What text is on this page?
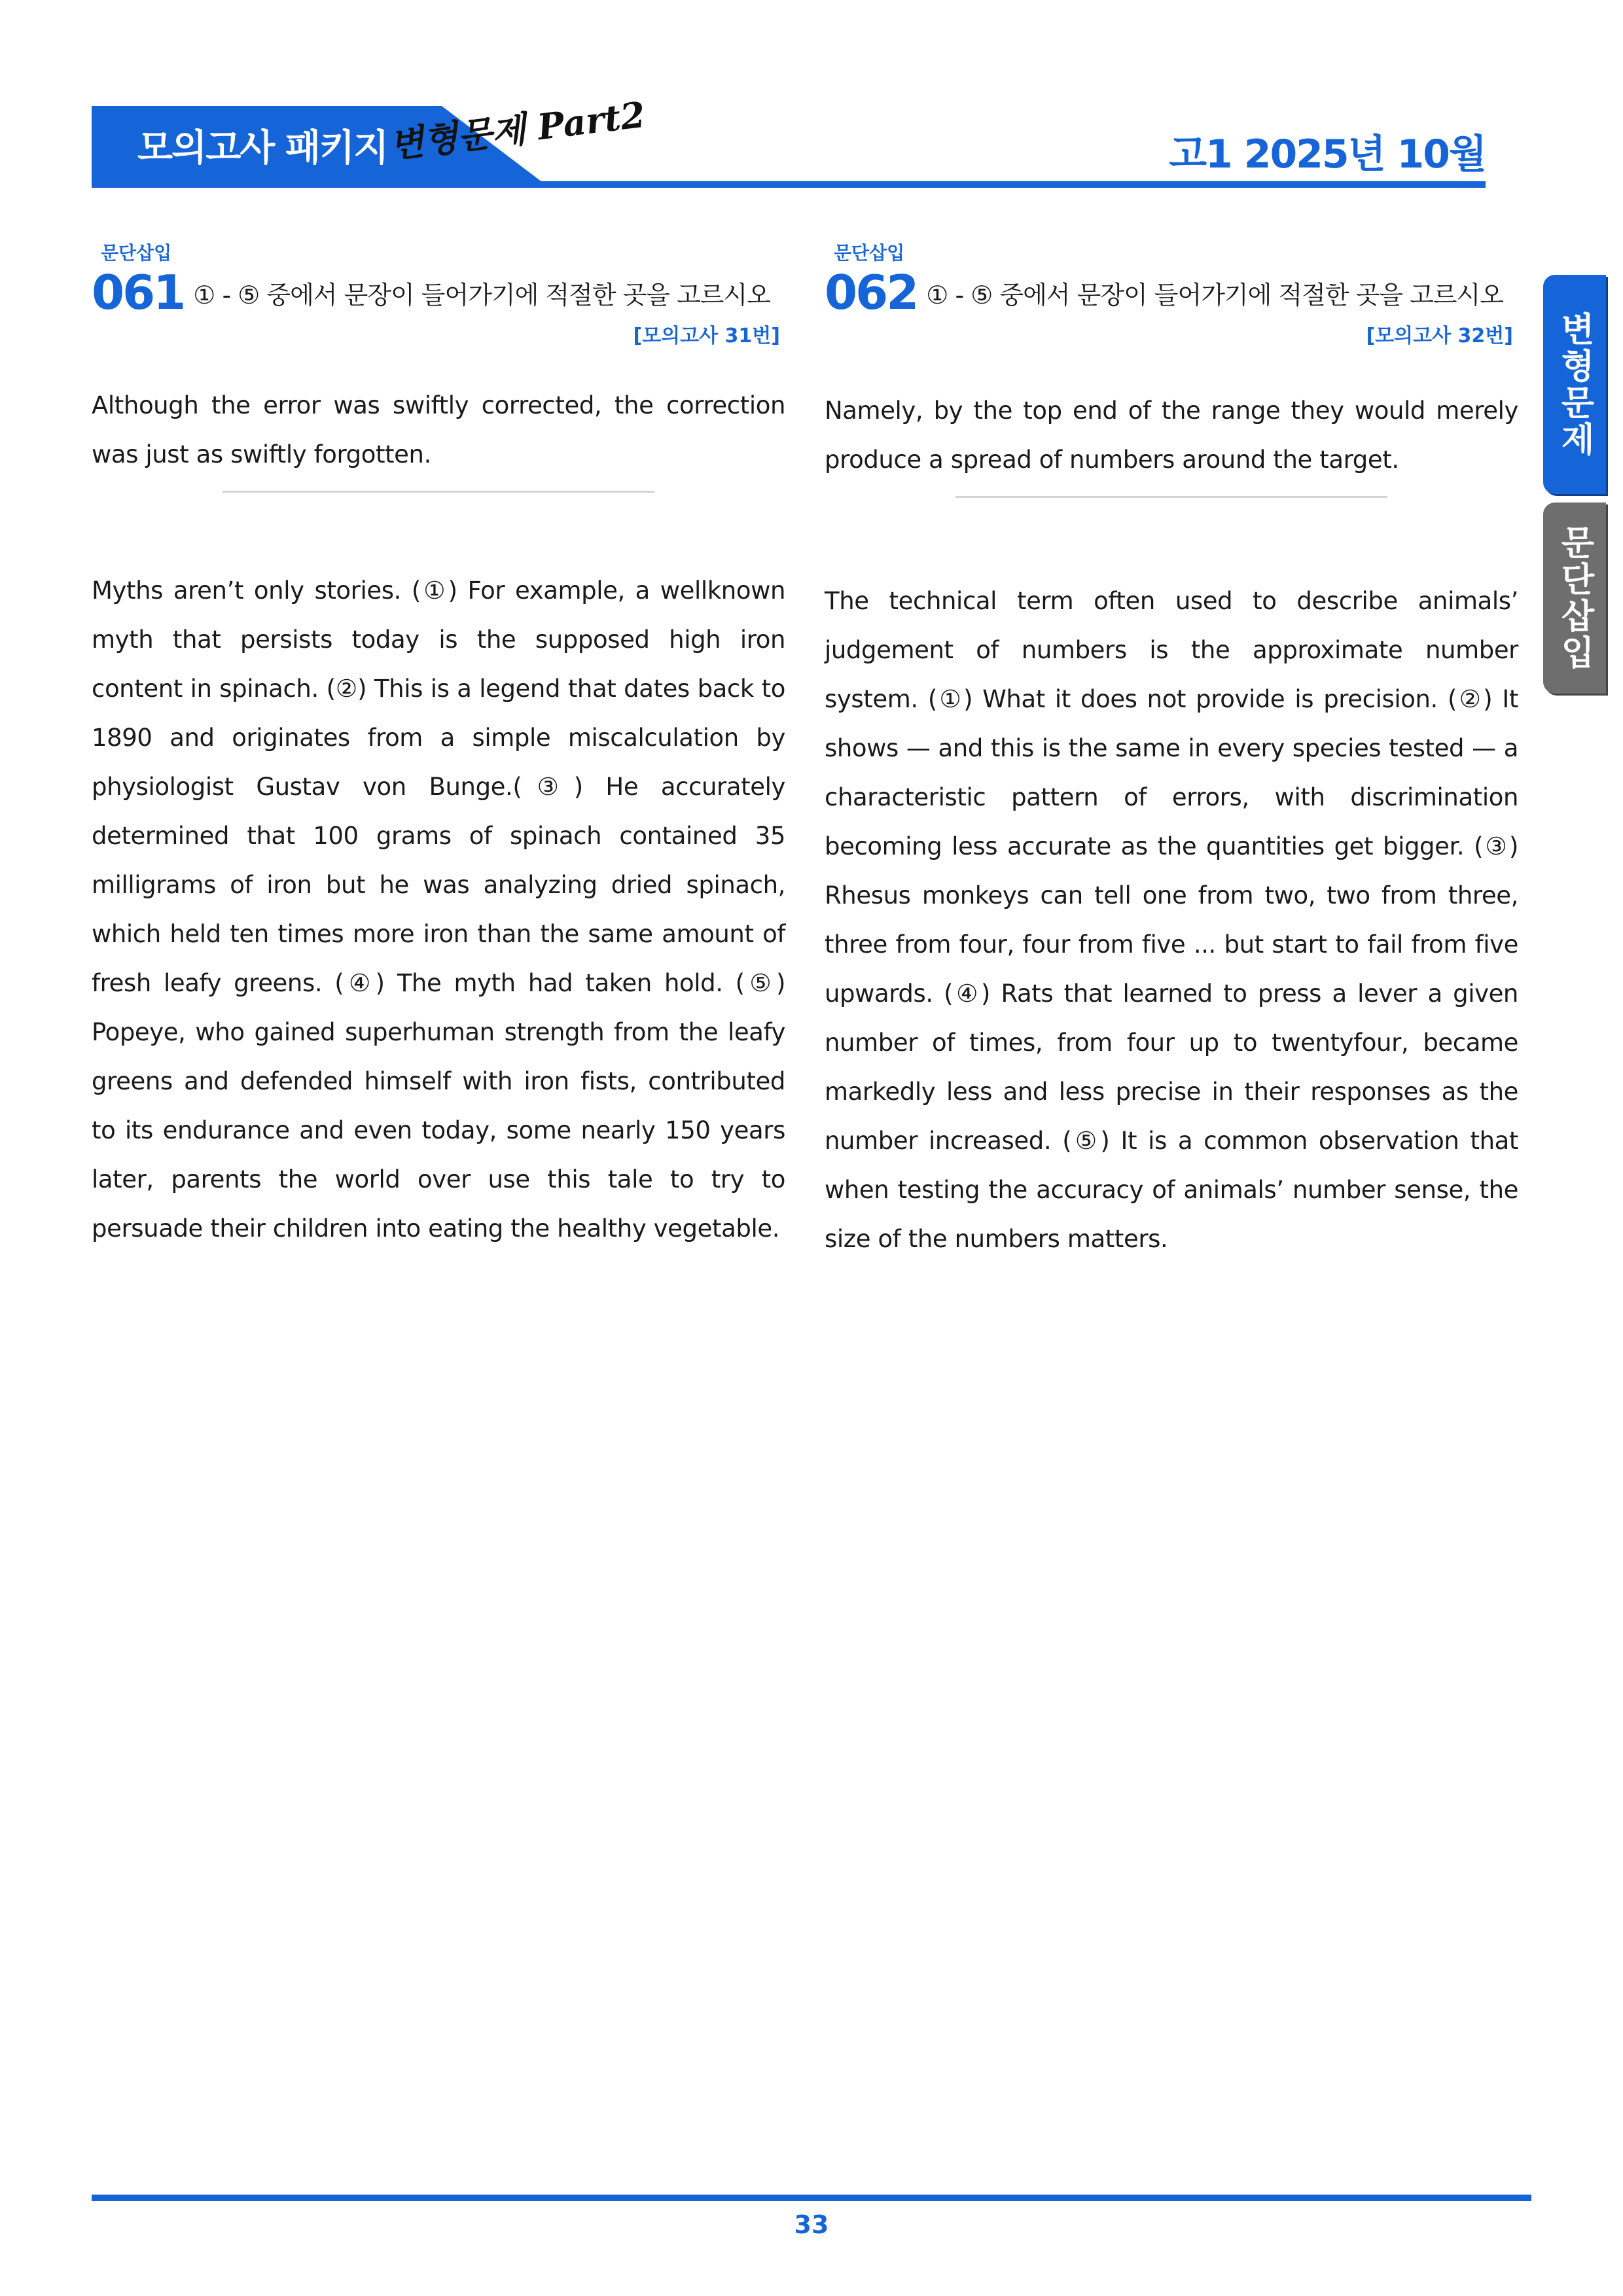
모의고사 패키지 변형문제 Part2	고1 2025년 10월
변형문제
문단삽입
문단삽입
061 ① - ⑤ 중에서 문장이 들어가기에 적절한 곳을 고르시오
[모의고사 31번]
Although the error was swiftly corrected, the correction was just as swiftly forgotten.
Myths aren’t only stories. (①) For example, a wellknown myth that persists today is the supposed high iron content in spinach. (②) This is a legend that dates back to 1890 and originates from a simple miscalculation by physiologist Gustav von Bunge.(③) He accurately determined that 100 grams of spinach contained 35 milligrams of iron but he was analyzing dried spinach, which held ten times more iron than the same amount of fresh leafy greens. (④) The myth had taken hold. (⑤) Popeye, who gained superhuman strength from the leafy greens and defended himself with iron fists, contributed to its endurance and even today, some nearly 150 years later, parents the world over use this tale to try to persuade their children into eating the healthy vegetable.
문단삽입
062 ① - ⑤ 중에서 문장이 들어가기에 적절한 곳을 고르시오
[모의고사 32번]
Namely, by the top end of the range they would merely produce a spread of numbers around the target.
The technical term often used to describe animals’ judgement of numbers is the approximate number system. (①) What it does not provide is precision. (②) It shows — and this is the same in every species tested — a characteristic pattern of errors, with discrimination becoming less accurate as the quantities get bigger. (③) Rhesus monkeys can tell one from two, two from three, three from four, four from five ... but start to fail from five upwards. (④) Rats that learned to press a lever a given number of times, from four up to twentyfour, became markedly less and less precise in their responses as the number increased. (⑤) It is a common observation that when testing the accuracy of animals’ number sense, the size of the numbers matters.
33
